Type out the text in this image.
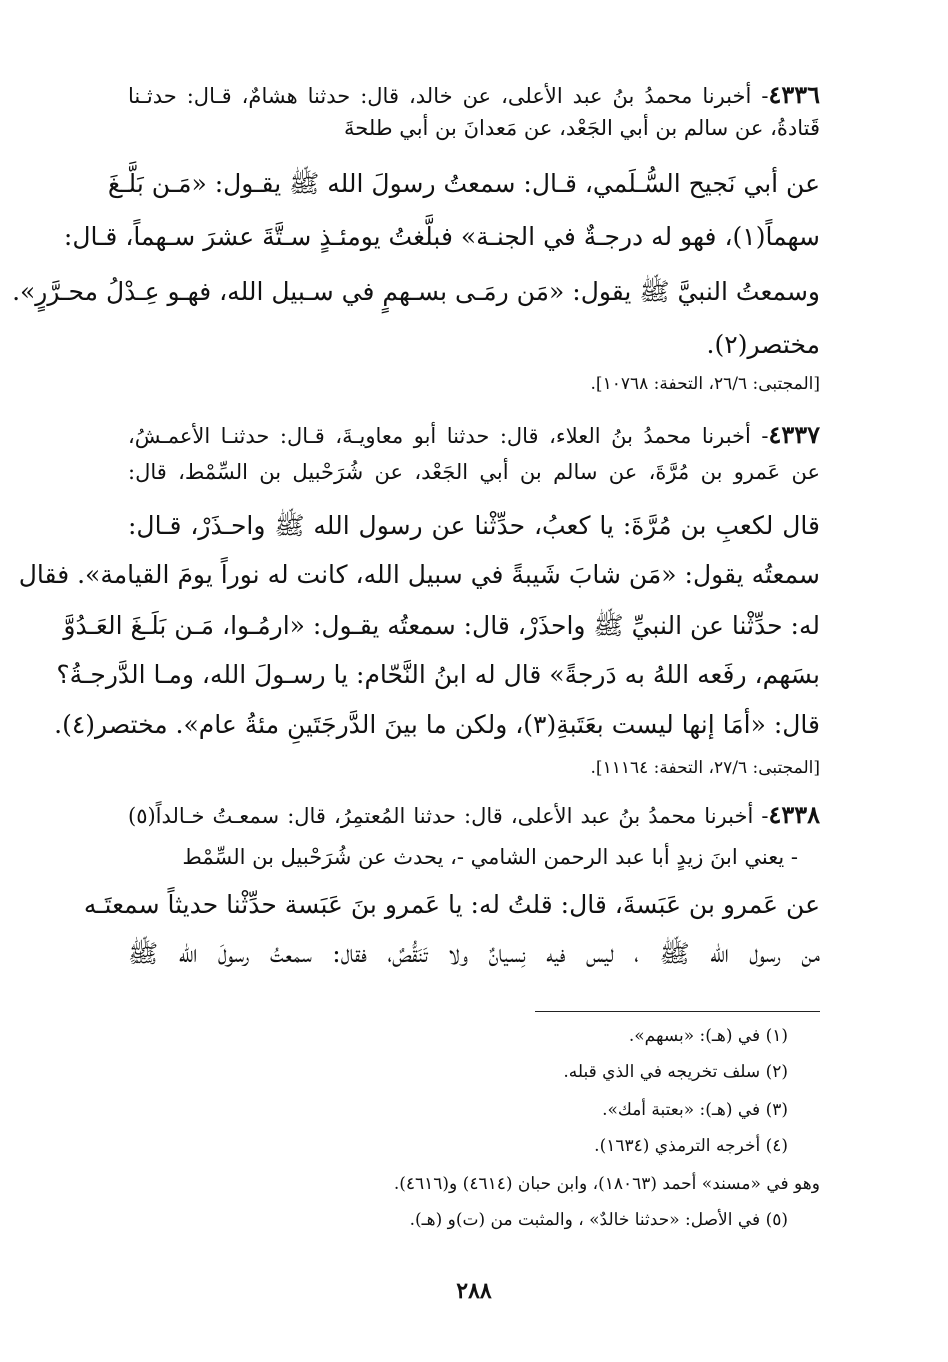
٤٣٣٦- أخبرنا محمدُ بنُ عبد الأعلى، عن خالد، قال: حدثنا هشامٌ، قـال: حدثـنا
قَتادةُ، عن سالم بن أبي الجَعْد، عن مَعدانَ بن أبي طلحةَ
عن أبي نَجيح السُّـلَمي، قـال: سمعتُ رسولَ الله ﷺ يقـول: «مَـن بَلَّـغَ
سهماً(١)، فهو له درجـةٌ في الجنـة» فبلَّغتُ يومئـذٍ سـتَّةَ عشرَ سـهماً، قـال:
وسمعتُ النبيَّ ﷺ يقول: «مَن رمَـى بسـهمٍ في سـبيل الله، فهـو عِـدْلُ محـرَّرٍ».
مختصر(٢).
[المجتبى: ٢٦/٦، التحفة: ١٠٧٦٨].
٤٣٣٧- أخبرنا محمدُ بنُ العلاء، قال: حدثنا أبو معاويـةَ، قـال: حدثنـا الأعمـشُ،
عن عَمرو بن مُرَّةَ، عن سالم بن أبي الجَعْد، عن شُرَحْبيل بن السِّمْط، قال:
قال لكعبِ بن مُرَّةَ: يا كعبُ، حدِّثْنا عن رسول الله ﷺ واحـذَرْ، قـال:
سمعتُه يقول: «مَن شابَ شَيبةً في سبيل الله، كانت له نوراً يومَ القيامة». فقال
له: حدِّثْنا عن النبيِّ ﷺ واحذَرْ، قال: سمعتُه يقـول: «ارمُـوا، مَـن بَلَـغَ العَـدُوَّ
بسَهم، رفَعه اللهُ به دَرجةً» قال له ابنُ النَّحّام: يا رسـولَ الله، ومـا الدَّرجـةُ؟
قال: «أمَا إنها ليست بعَتَبةِ(٣)، ولكن ما بينَ الدَّرجَتَينِ مئةُ عام». مختصر(٤).
[المجتبى: ٢٧/٦، التحفة: ١١١٦٤].
٤٣٣٨- أخبرنا محمدُ بنُ عبد الأعلى، قال: حدثنا المُعتمِرُ، قال: سمعـتُ خـالداً(٥)
- يعني ابنَ زيدٍ أبا عبد الرحمن الشامي -، يحدث عن شُرَحْبيل بن السِّمْط
عن عَمرو بن عَبَسةَ، قال: قلتُ له: يا عَمرو بنَ عَبَسة حدِّثْنا حديثاً سمعتَـه
من رسول الله ﷺ ، ليس فيه نِسيانٌ ولا تَنَقُّصٌ، فقال: سمعتُ رسولَ الله ﷺ
(١) في (هـ): «بسهم».
(٢) سلف تخريجه في الذي قبله.
(٣) في (هـ): «بعتبة أمك».
(٤) أخرجه الترمذي (١٦٣٤).
وهو في «مسند» أحمد (١٨٠٦٣)، وابن حبان (٤٦١٤) و(٤٦١٦).
(٥) في الأصل: «حدثنا خالدٌ» ، والمثبت من (ت)و (هـ).
٢٨٨
